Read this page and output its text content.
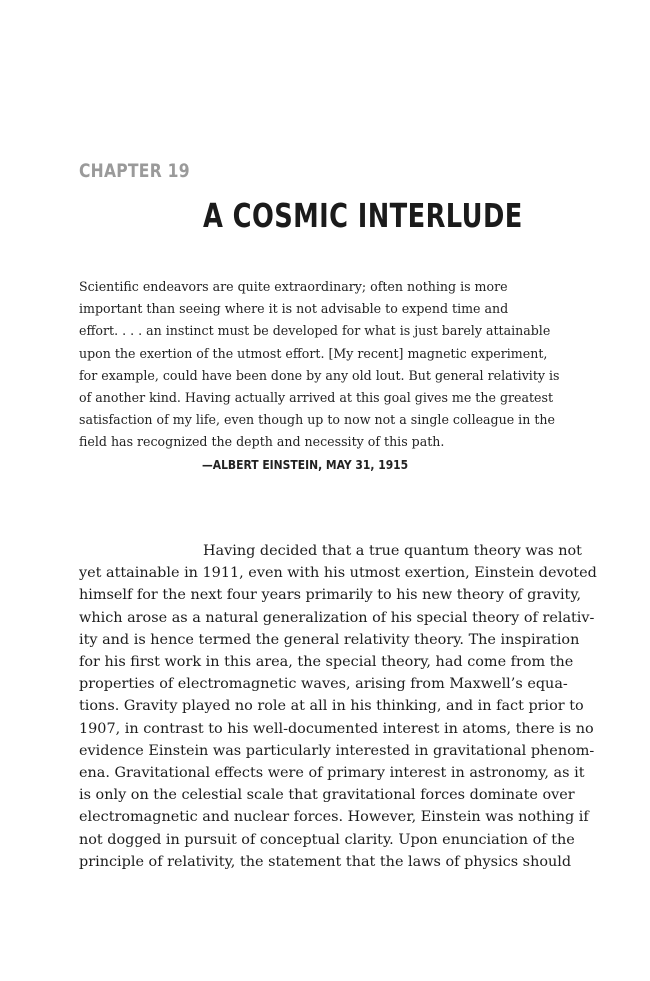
CHAPTER 19
A COSMIC INTERLUDE
Scientific endeavors are quite extraordinary; often nothing is more
important than seeing where it is not advisable to expend time and
effort. . . . an instinct must be developed for what is just barely attainable
upon the exertion of the utmost effort. [My recent] magnetic experiment,
for example, could have been done by any old lout. But general relativity is
of another kind. Having actually arrived at this goal gives me the greatest
satisfaction of my life, even though up to now not a single colleague in the
field has recognized the depth and necessity of this path.

—ALBERT EINSTEIN, MAY 31, 1915

Having decided that a true quantum theory was not
yet attainable in 1911, even with his utmost exertion, Einstein devoted
himself for the next four years primarily to his new theory of gravity,
which arose as a natural generalization of his special theory of relativ-
ity and is hence termed the general relativity theory. The inspiration
for his first work in this area, the special theory, had come from the
properties of electromagnetic waves, arising from Maxwell’s equa-
tions. Gravity played no role at all in his thinking, and in fact prior to
1907, in contrast to his well-documented interest in atoms, there is no
evidence Einstein was particularly interested in gravitational phenom-
ena. Gravitational effects were of primary interest in astronomy, as it
is only on the celestial scale that gravitational forces dominate over
electromagnetic and nuclear forces. However, Einstein was nothing if
not dogged in pursuit of conceptual clarity. Upon enunciation of the
principle of relativity, the statement that the laws of physics should
